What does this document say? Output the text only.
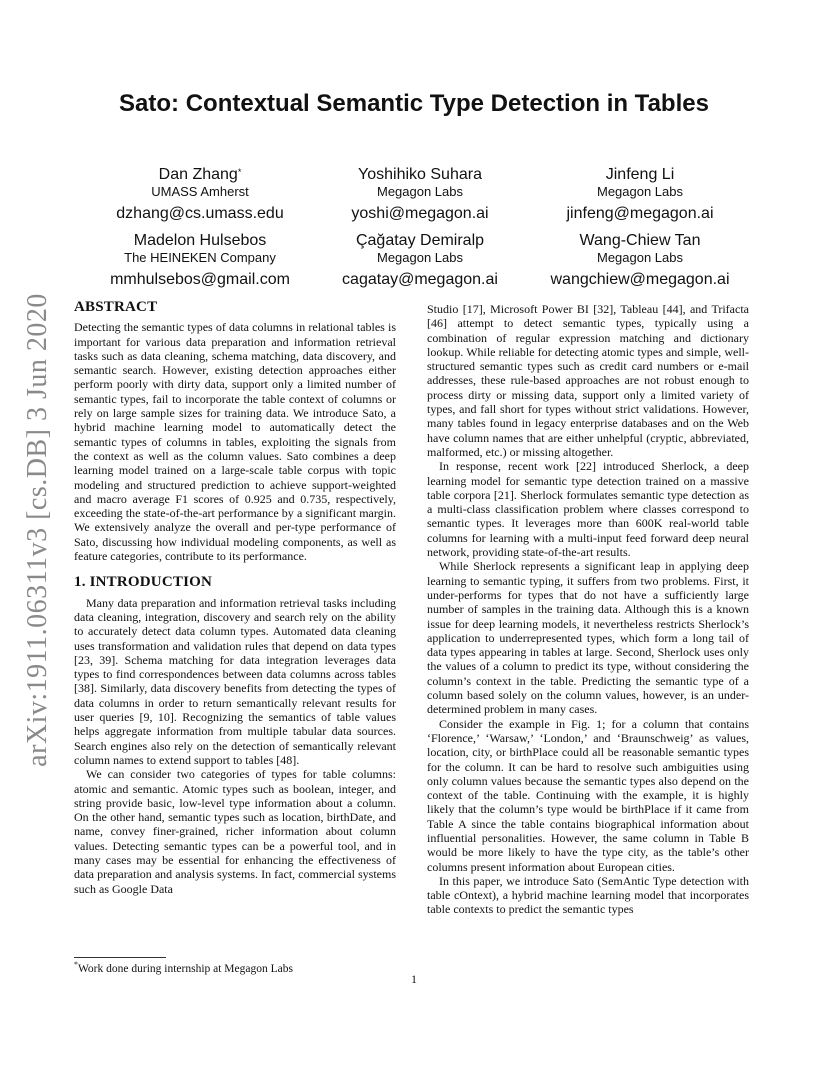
arXiv:1911.06311v3 [cs.DB] 3 Jun 2020
Sato: Contextual Semantic Type Detection in Tables
Dan Zhang*
UMASS Amherst
dzhang@cs.umass.edu
Yoshihiko Suhara
Megagon Labs
yoshi@megagon.ai
Jinfeng Li
Megagon Labs
jinfeng@megagon.ai
Madelon Hulsebos
The HEINEKEN Company
mmhulsebos@gmail.com
Çağatay Demiralp
Megagon Labs
cagatay@megagon.ai
Wang-Chiew Tan
Megagon Labs
wangchiew@megagon.ai
ABSTRACT

Detecting the semantic types of data columns in relational tables is important for various data preparation and information retrieval tasks such as data cleaning, schema matching, data discovery, and semantic search. However, existing detection approaches either perform poorly with dirty data, support only a limited number of semantic types, fail to incorporate the table context of columns or rely on large sample sizes for training data. We introduce Sato, a hybrid machine learning model to automatically detect the semantic types of columns in tables, exploiting the signals from the context as well as the column values. Sato combines a deep learning model trained on a large-scale table corpus with topic modeling and structured prediction to achieve support-weighted and macro average F1 scores of 0.925 and 0.735, respectively, exceeding the state-of-the-art performance by a significant margin. We extensively analyze the overall and per-type performance of Sato, discussing how individual modeling components, as well as feature categories, contribute to its performance.

1. INTRODUCTION

Many data preparation and information retrieval tasks including data cleaning, integration, discovery and search rely on the ability to accurately detect data column types. Automated data cleaning uses transformation and validation rules that depend on data types [23, 39]. Schema matching for data integration leverages data types to find correspondences between data columns across tables [38]. Similarly, data discovery benefits from detecting the types of data columns in order to return semantically relevant results for user queries [9, 10]. Recognizing the semantics of table values helps aggregate information from multiple tabular data sources. Search engines also rely on the detection of semantically relevant column names to extend support to tables [48].

We can consider two categories of types for table columns: atomic and semantic. Atomic types such as boolean, integer, and string provide basic, low-level type information about a column. On the other hand, semantic types such as location, birthDate, and name, convey finer-grained, richer information about column values. Detecting semantic types can be a powerful tool, and in many cases may be essential for enhancing the effectiveness of data preparation and analysis systems. In fact, commercial systems such as Google Data

Studio [17], Microsoft Power BI [32], Tableau [44], and Trifacta [46] attempt to detect semantic types, typically using a combination of regular expression matching and dictionary lookup. While reliable for detecting atomic types and simple, well-structured semantic types such as credit card numbers or e-mail addresses, these rule-based approaches are not robust enough to process dirty or missing data, support only a limited variety of types, and fall short for types without strict validations. However, many tables found in legacy enterprise databases and on the Web have column names that are either unhelpful (cryptic, abbreviated, malformed, etc.) or missing altogether.

In response, recent work [22] introduced Sherlock, a deep learning model for semantic type detection trained on a massive table corpora [21]. Sherlock formulates semantic type detection as a multi-class classification problem where classes correspond to semantic types. It leverages more than 600K real-world table columns for learning with a multi-input feed forward deep neural network, providing state-of-the-art results.

While Sherlock represents a significant leap in applying deep learning to semantic typing, it suffers from two problems. First, it under-performs for types that do not have a sufficiently large number of samples in the training data. Although this is a known issue for deep learning models, it nevertheless restricts Sherlock’s application to underrepresented types, which form a long tail of data types appearing in tables at large. Second, Sherlock uses only the values of a column to predict its type, without considering the column’s context in the table. Predicting the semantic type of a column based solely on the column values, however, is an under-determined problem in many cases.

Consider the example in Fig. 1; for a column that contains ‘Florence,’ ‘Warsaw,’ ‘London,’ and ‘Braunschweig’ as values, location, city, or birthPlace could all be reasonable semantic types for the column. It can be hard to resolve such ambiguities using only column values because the semantic types also depend on the context of the table. Continuing with the example, it is highly likely that the column’s type would be birthPlace if it came from Table A since the table contains biographical information about influential personalities. However, the same column in Table B would be more likely to have the type city, as the table’s other columns present information about European cities.

In this paper, we introduce Sato (SemAntic Type detection with table cOntext), a hybrid machine learning model that incorporates table contexts to predict the semantic types

*Work done during internship at Megagon Labs
1
